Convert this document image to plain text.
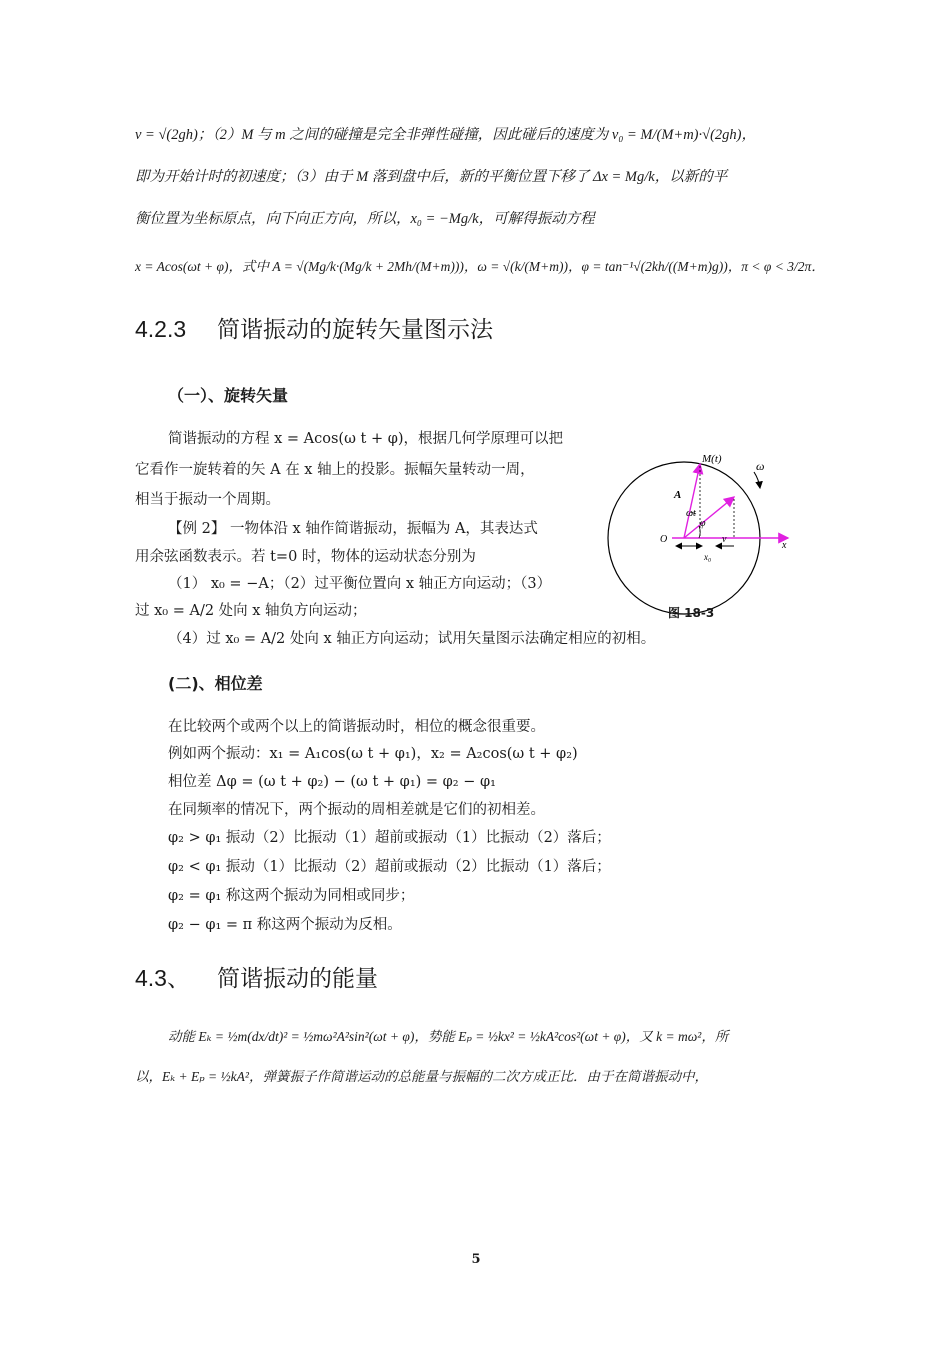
v = √(2gh)；（2）M 与 m 之间的碰撞是完全非弹性碰撞，因此碰后的速度为 v₀ = M/(M+m)·√(2gh)，
即为开始计时的初速度；（3）由于 M 落到盘中后，新的平衡位置下移了 Δx = Mg/k，以新的平
衡位置为坐标原点，向下向正方向，所以，x₀ = −Mg/k，可解得振动方程
x = Acos(ωt + φ)，式中 A = √(Mg/k·(Mg/k + 2Mh/(M+m)))，ω = √(k/(M+m))，φ = tan⁻¹√(2kh/((M+m)g))，π < φ < 3/2π．
4.2.3 简谐振动的旋转矢量图示法
（一）、旋转矢量
简谐振动的方程 x = Acos(ω t + φ)，根据几何学原理可以把
它看作一旋转着的矢 A 在 x 轴上的投影。振幅矢量转动一周，
相当于振动一个周期。
【例 2】 一物体沿 x 轴作简谐振动，振幅为 A，其表达式
用余弦函数表示。若 t=0 时，物体的运动状态分别为
（1） x₀ = −A；（2）过平衡位置向 x 轴正方向运动；（3）
过 x₀ = A/2 处向 x 轴负方向运动；
（4）过 x₀ = A/2 处向 x 轴正方向运动；试用矢量图示法确定相应的初相。
M(t)	ω
A
ωt
φ
O
x
x₀
v
图 18-3
(二)、相位差
在比较两个或两个以上的简谐振动时，相位的概念很重要。
例如两个振动：x₁ = A₁cos(ω t + φ₁)，x₂ = A₂cos(ω t + φ₂)
相位差 Δφ = (ω t + φ₂) − (ω t + φ₁) = φ₂ − φ₁
在同频率的情况下，两个振动的周相差就是它们的初相差。
φ₂ > φ₁ 振动（2）比振动（1）超前或振动（1）比振动（2）落后；
φ₂ < φ₁ 振动（1）比振动（2）超前或振动（2）比振动（1）落后；
φ₂ = φ₁ 称这两个振动为同相或同步；
φ₂ − φ₁ = π 称这两个振动为反相。
4.3、 简谐振动的能量
动能 Eₖ = ½m(dx/dt)² = ½mω²A²sin²(ωt + φ)，势能 Eₚ = ½kx² = ½kA²cos²(ωt + φ)，又 k = mω²，所
以，Eₖ + Eₚ = ½kA²，弹簧振子作简谐运动的总能量与振幅的二次方成正比．由于在简谐振动中，
5
